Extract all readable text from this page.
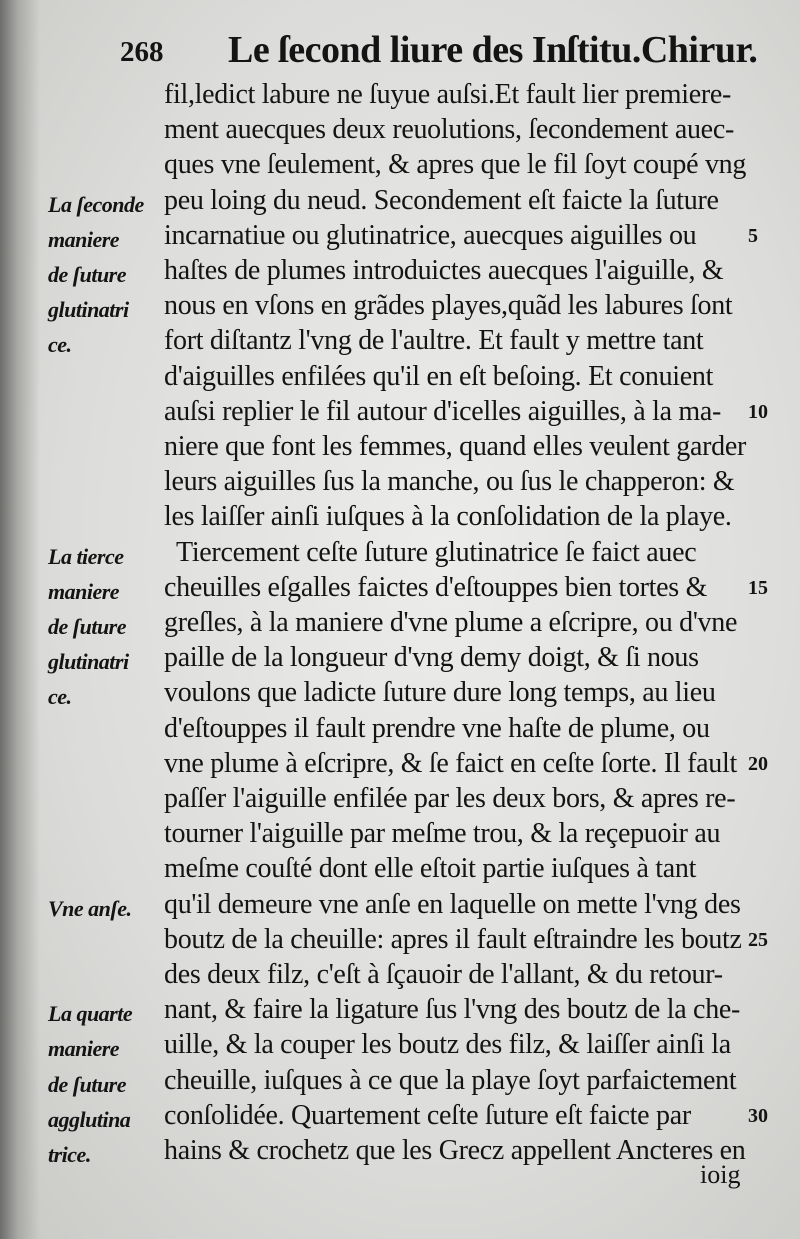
268 Le ſecond liure des Inſtitu.Chirur.
fil,ledict labure ne ſuyue auſsi.Et fault lier premiere-
ment auecques deux reuolutions, ſecondement auec-
ques vne ſeulement, & apres que le fil ſoyt coupé vng
peu loing du neud. Secondement eſt faicte la ſuture
incarnatiue ou glutinatrice, auecques aiguilles ou
haſtes de plumes introduictes auecques l'aiguille, &
nous en vſons en grãdes playes,quãd les labures ſont
fort diſtantz l'vng de l'aultre. Et fault y mettre tant
d'aiguilles enfilées qu'il en eſt beſoing. Et conuient
auſsi replier le fil autour d'icelles aiguilles, à la ma-
niere que font les femmes, quand elles veulent garder
leurs aiguilles ſus la manche, ou ſus le chapperon: &
les laiſſer ainſi iuſques à la conſolidation de la playe.
Tiercement ceſte ſuture glutinatrice ſe faict auec
cheuilles eſgalles faictes d'eſtouppes bien tortes &
greſles, à la maniere d'vne plume a eſcripre, ou d'vne
paille de la longueur d'vng demy doigt, & ſi nous
voulons que ladicte ſuture dure long temps, au lieu
d'eſtouppes il fault prendre vne haſte de plume, ou
vne plume à eſcripre, & ſe faict en ceſte ſorte. Il fault
paſſer l'aiguille enfilée par les deux bors, & apres re-
tourner l'aiguille par meſme trou, & la reçepuoir au
meſme couſté dont elle eſtoit partie iuſques à tant
qu'il demeure vne anſe en laquelle on mette l'vng des
boutz de la cheuille: apres il fault eſtraindre les boutz
des deux filz, c'eſt à ſçauoir de l'allant, & du retour-
nant, & faire la ligature ſus l'vng des boutz de la che-
uille, & la couper les boutz des filz, & laiſſer ainſi la
cheuille, iuſques à ce que la playe ſoyt parfaictement
conſolidée. Quartement ceſte ſuture eſt faicte par
hains & crochetz que les Grecz appellent Ancteres en
La ſeconde
maniere
de ſuture
glutinatri
ce.
La tierce
maniere
de ſuture
glutinatri
ce.
Vne anſe.
La quarte
maniere
de ſuture
agglutina
trice.
5
10
15
20
25
30
ioig
